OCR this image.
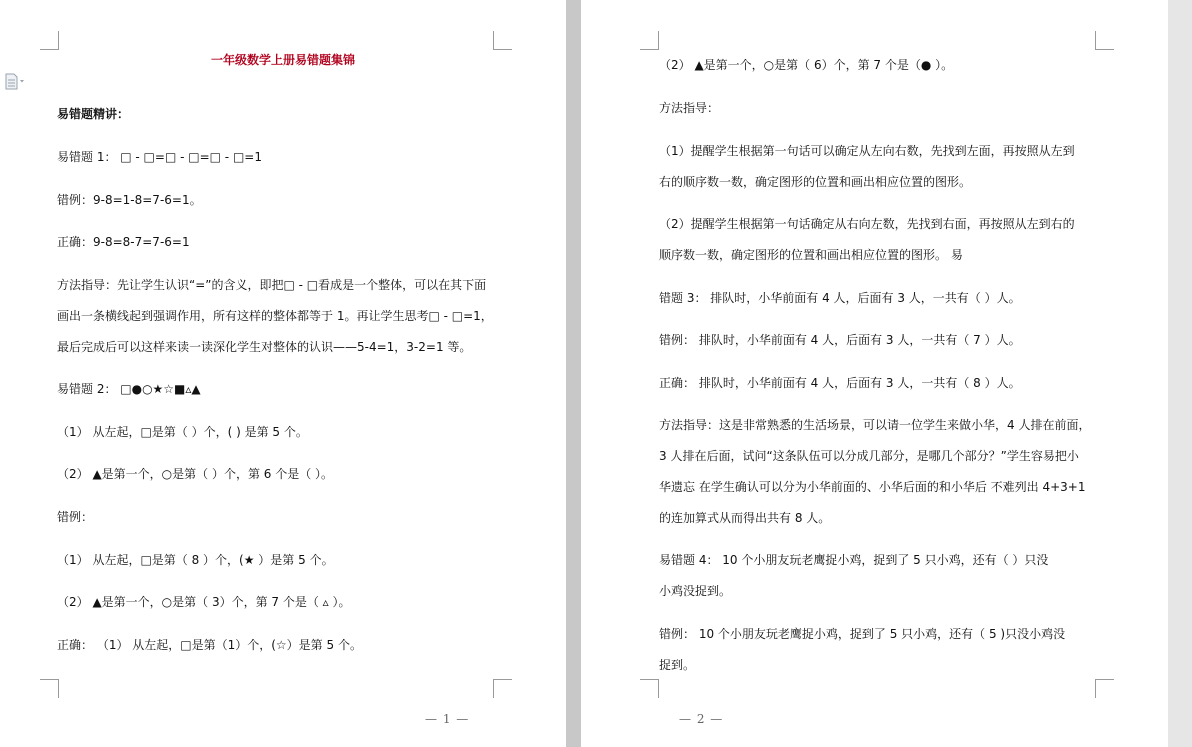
一年级数学上册易错题集锦
易错题精讲：
易错题 1： □ - □=□ - □=□ - □=1
错例：9-8=1-8=7-6=1。
正确：9-8=8-7=7-6=1
方法指导：先让学生认识“=”的含义，即把□ - □看成是一个整体，可以在其下面
画出一条横线起到强调作用，所有这样的整体都等于 1。再让学生思考□ - □=1，
最后完成后可以这样来读一读深化学生对整体的认识——5-4=1，3-2=1 等。
易错题 2： □●○★☆■▵▲
（1） 从左起，□是第（ ）个，( ) 是第 5 个。
（2） ▲是第一个，○是第（ ）个，第 6 个是（ ）。
错例：
（1） 从左起，□是第（ 8 ）个，(★ ）是第 5 个。
（2） ▲是第一个，○是第（ 3）个，第 7 个是（ ▵ ）。
正确： （1） 从左起，□是第（1）个，(☆）是第 5 个。
— 1 —
（2） ▲是第一个，○是第（ 6）个，第 7 个是（● ）。
方法指导：
（1）提醒学生根据第一句话可以确定从左向右数，先找到左面，再按照从左到
右的顺序数一数，确定图形的位置和画出相应位置的图形。
（2）提醒学生根据第一句话确定从右向左数，先找到右面，再按照从左到右的
顺序数一数，确定图形的位置和画出相应位置的图形。 易
错题 3： 排队时，小华前面有 4 人，后面有 3 人，一共有（ ）人。
错例： 排队时，小华前面有 4 人，后面有 3 人，一共有（ 7 ）人。
正确： 排队时，小华前面有 4 人，后面有 3 人，一共有（ 8 ）人。
方法指导：这是非常熟悉的生活场景，可以请一位学生来做小华，4 人排在前面，
3 人排在后面，试问“这条队伍可以分成几部分，是哪几个部分？”学生容易把小
华遗忘 在学生确认可以分为小华前面的、小华后面的和小华后 不难列出 4+3+1
的连加算式从而得出共有 8 人。
易错题 4： 10 个小朋友玩老鹰捉小鸡，捉到了 5 只小鸡，还有（ ）只没
小鸡没捉到。
错例： 10 个小朋友玩老鹰捉小鸡，捉到了 5 只小鸡，还有（ 5 )只没小鸡没
捉到。
— 2 —
